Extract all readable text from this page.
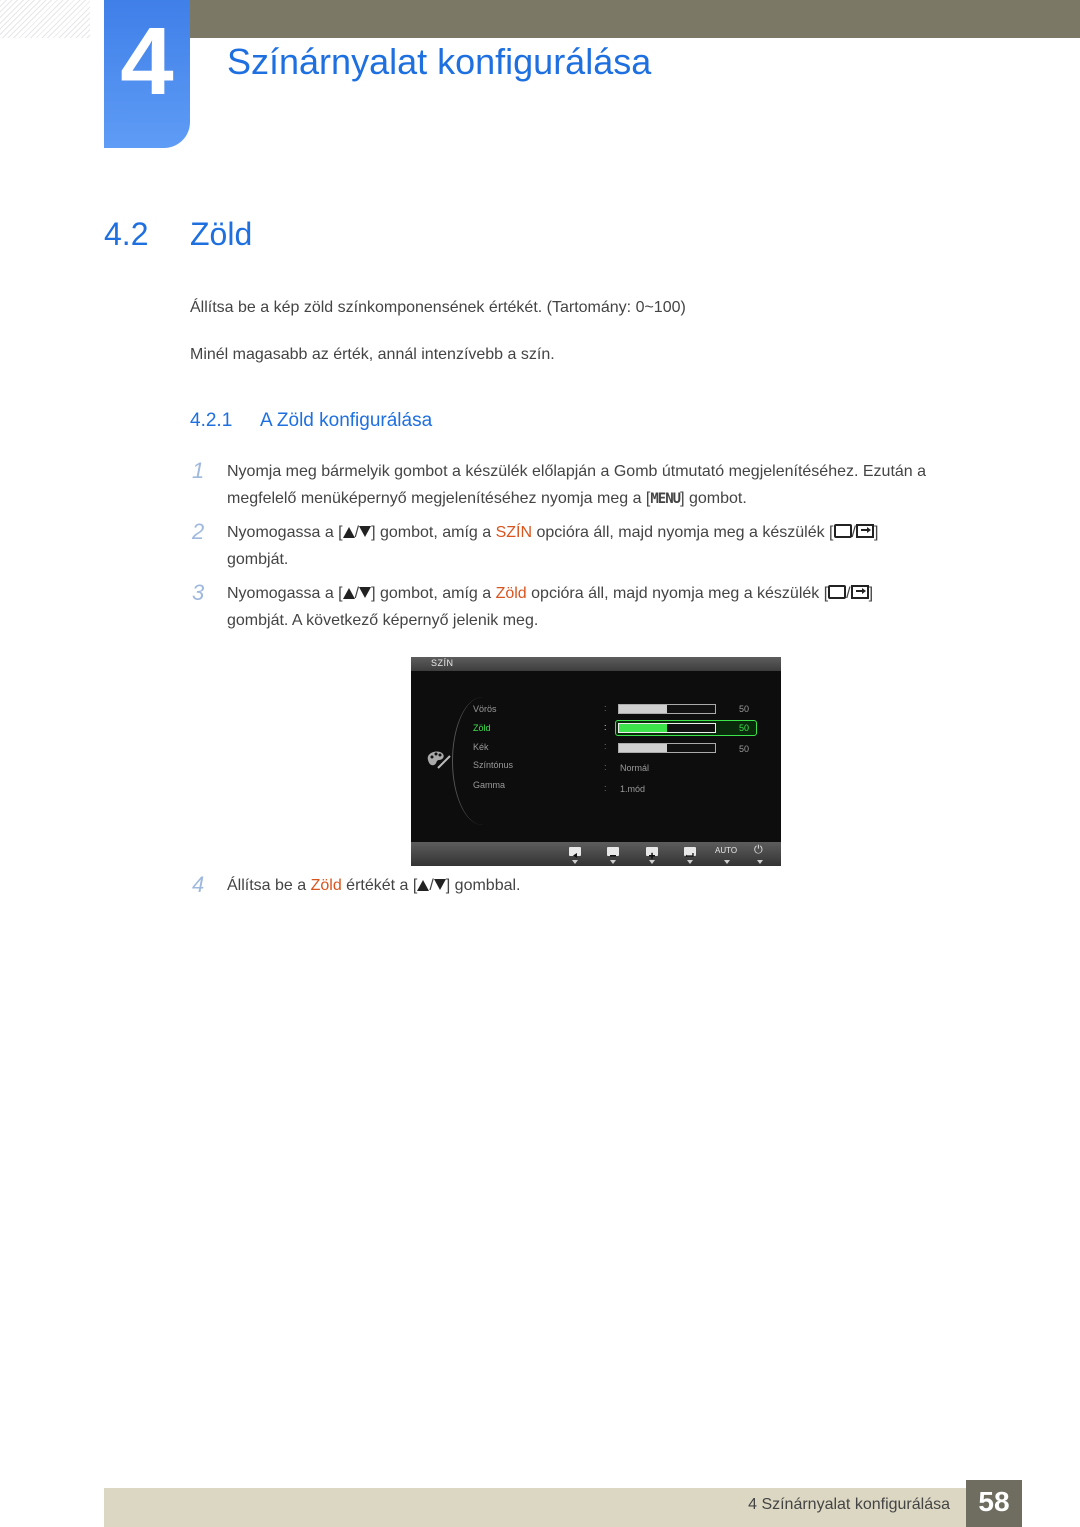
4	Színárnyalat konfigurálása
4.2 Zöld
Állítsa be a kép zöld színkomponensének értékét. (Tartomány: 0~100)
Minél magasabb az érték, annál intenzívebb a szín.
4.2.1 A Zöld konfigurálása
1 Nyomja meg bármelyik gombot a készülék előlapján a Gomb útmutató megjelenítéséhez. Ezután a
megfelelő menüképernyő megjelenítéséhez nyomja meg a [MENU] gombot.
2 Nyomogassa a [ / ] gombot, amíg a SZÍN opcióra áll, majd nyomja meg a készülék [ / ]
gombját.
3 Nyomogassa a [ / ] gombot, amíg a Zöld opcióra áll, majd nyomja meg a készülék [ / ]
gombját. A következő képernyő jelenik meg.
SZÍN
Vörös	:	50
Zöld	:	50
Kék	:	50
Színtónus	: Normál
Gamma	: 1.mód
AUTO ⏻
4 Állítsa be a Zöld értékét a [ / ] gombbal.
4 Színárnyalat konfigurálása	58
